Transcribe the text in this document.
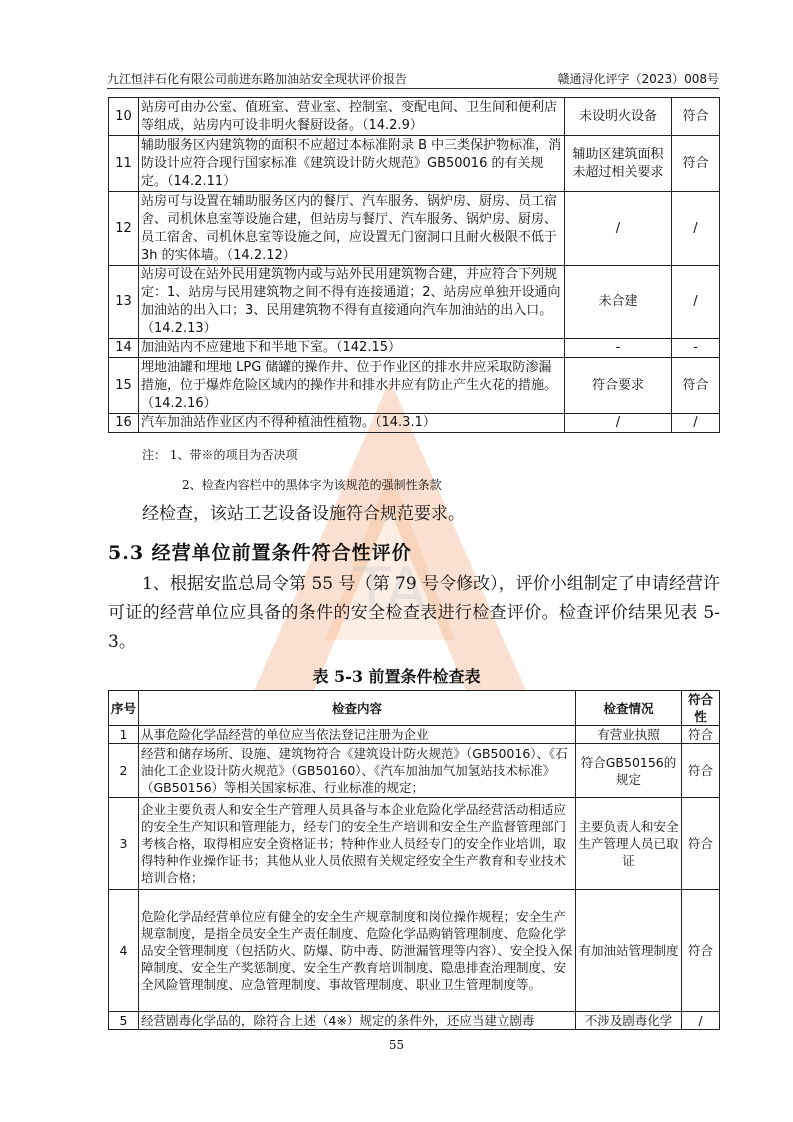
TA
九江恒沣石化有限公司前进东路加油站安全现状评价报告	赣通浔化评字（2023）008号
10	站房可由办公室、值班室、营业室、控制室、变配电间、卫生间和便利店等组成，站房内可设非明火餐厨设备。（14.2.9）	未设明火设备	符合
11	辅助服务区内建筑物的面积不应超过本标准附录 B 中三类保护物标准，消防设计应符合现行国家标准《建筑设计防火规范》GB50016 的有关规定。（14.2.11）	辅助区建筑面积未超过相关要求	符合
12	站房可与设置在辅助服务区内的餐厅、汽车服务、锅炉房、厨房、员工宿舍、司机休息室等设施合建，但站房与餐厅、汽车服务、锅炉房、厨房、员工宿舍、司机休息室等设施之间，应设置无门窗洞口且耐火极限不低于 3h 的实体墙。（14.2.12）	/	/
13	站房可设在站外民用建筑物内或与站外民用建筑物合建，并应符合下列规定：1、站房与民用建筑物之间不得有连接通道；2、站房应单独开设通向加油站的出入口；3、民用建筑物不得有直接通向汽车加油站的出入口。（14.2.13）	未合建	/
14	加油站内不应建地下和半地下室。（142.15）	-	-
15	埋地油罐和埋地 LPG 储罐的操作井、位于作业区的排水井应采取防渗漏措施，位于爆炸危险区域内的操作井和排水井应有防止产生火花的措施。（14.2.16）	符合要求	符合
16	汽车加油站作业区内不得种植油性植物。（14.3.1）	/	/
注： 1、带※的项目为否决项
2、检查内容栏中的黑体字为该规范的强制性条款
经检查，该站工艺设备设施符合规范要求。
5.3 经营单位前置条件符合性评价
1、根据安监总局令第 55 号（第 79 号令修改），评价小组制定了申请经营许可证的经营单位应具备的条件的安全检查表进行检查评价。检查评价结果见表 5-3。
表 5-3 前置条件检查表
序号	检查内容	检查情况	符合性
1	从事危险化学品经营的单位应当依法登记注册为企业	有营业执照	符合
2	经营和储存场所、设施、建筑物符合《建筑设计防火规范》（GB50016）、《石油化工企业设计防火规范》（GB50160）、《汽车加油加气加氢站技术标准》（GB50156）等相关国家标准、行业标准的规定；	符合GB50156的规定	符合
3	企业主要负责人和安全生产管理人员具备与本企业危险化学品经营活动相适应的安全生产知识和管理能力，经专门的安全生产培训和安全生产监督管理部门考核合格，取得相应安全资格证书；特种作业人员经专门的安全作业培训，取得特种作业操作证书；其他从业人员依照有关规定经安全生产教育和专业技术培训合格；	主要负责人和安全生产管理人员已取证	符合
4	危险化学品经营单位应有健全的安全生产规章制度和岗位操作规程；安全生产规章制度，是指全员安全生产责任制度、危险化学品购销管理制度、危险化学品安全管理制度（包括防火、防爆、防中毒、防泄漏管理等内容）、安全投入保障制度、安全生产奖惩制度、安全生产教育培训制度、隐患排查治理制度、安全风险管理制度、应急管理制度、事故管理制度、职业卫生管理制度等。	有加油站管理制度	符合
5	经营剧毒化学品的，除符合上述（4※）规定的条件外，还应当建立剧毒	不涉及剧毒化学	/
55
